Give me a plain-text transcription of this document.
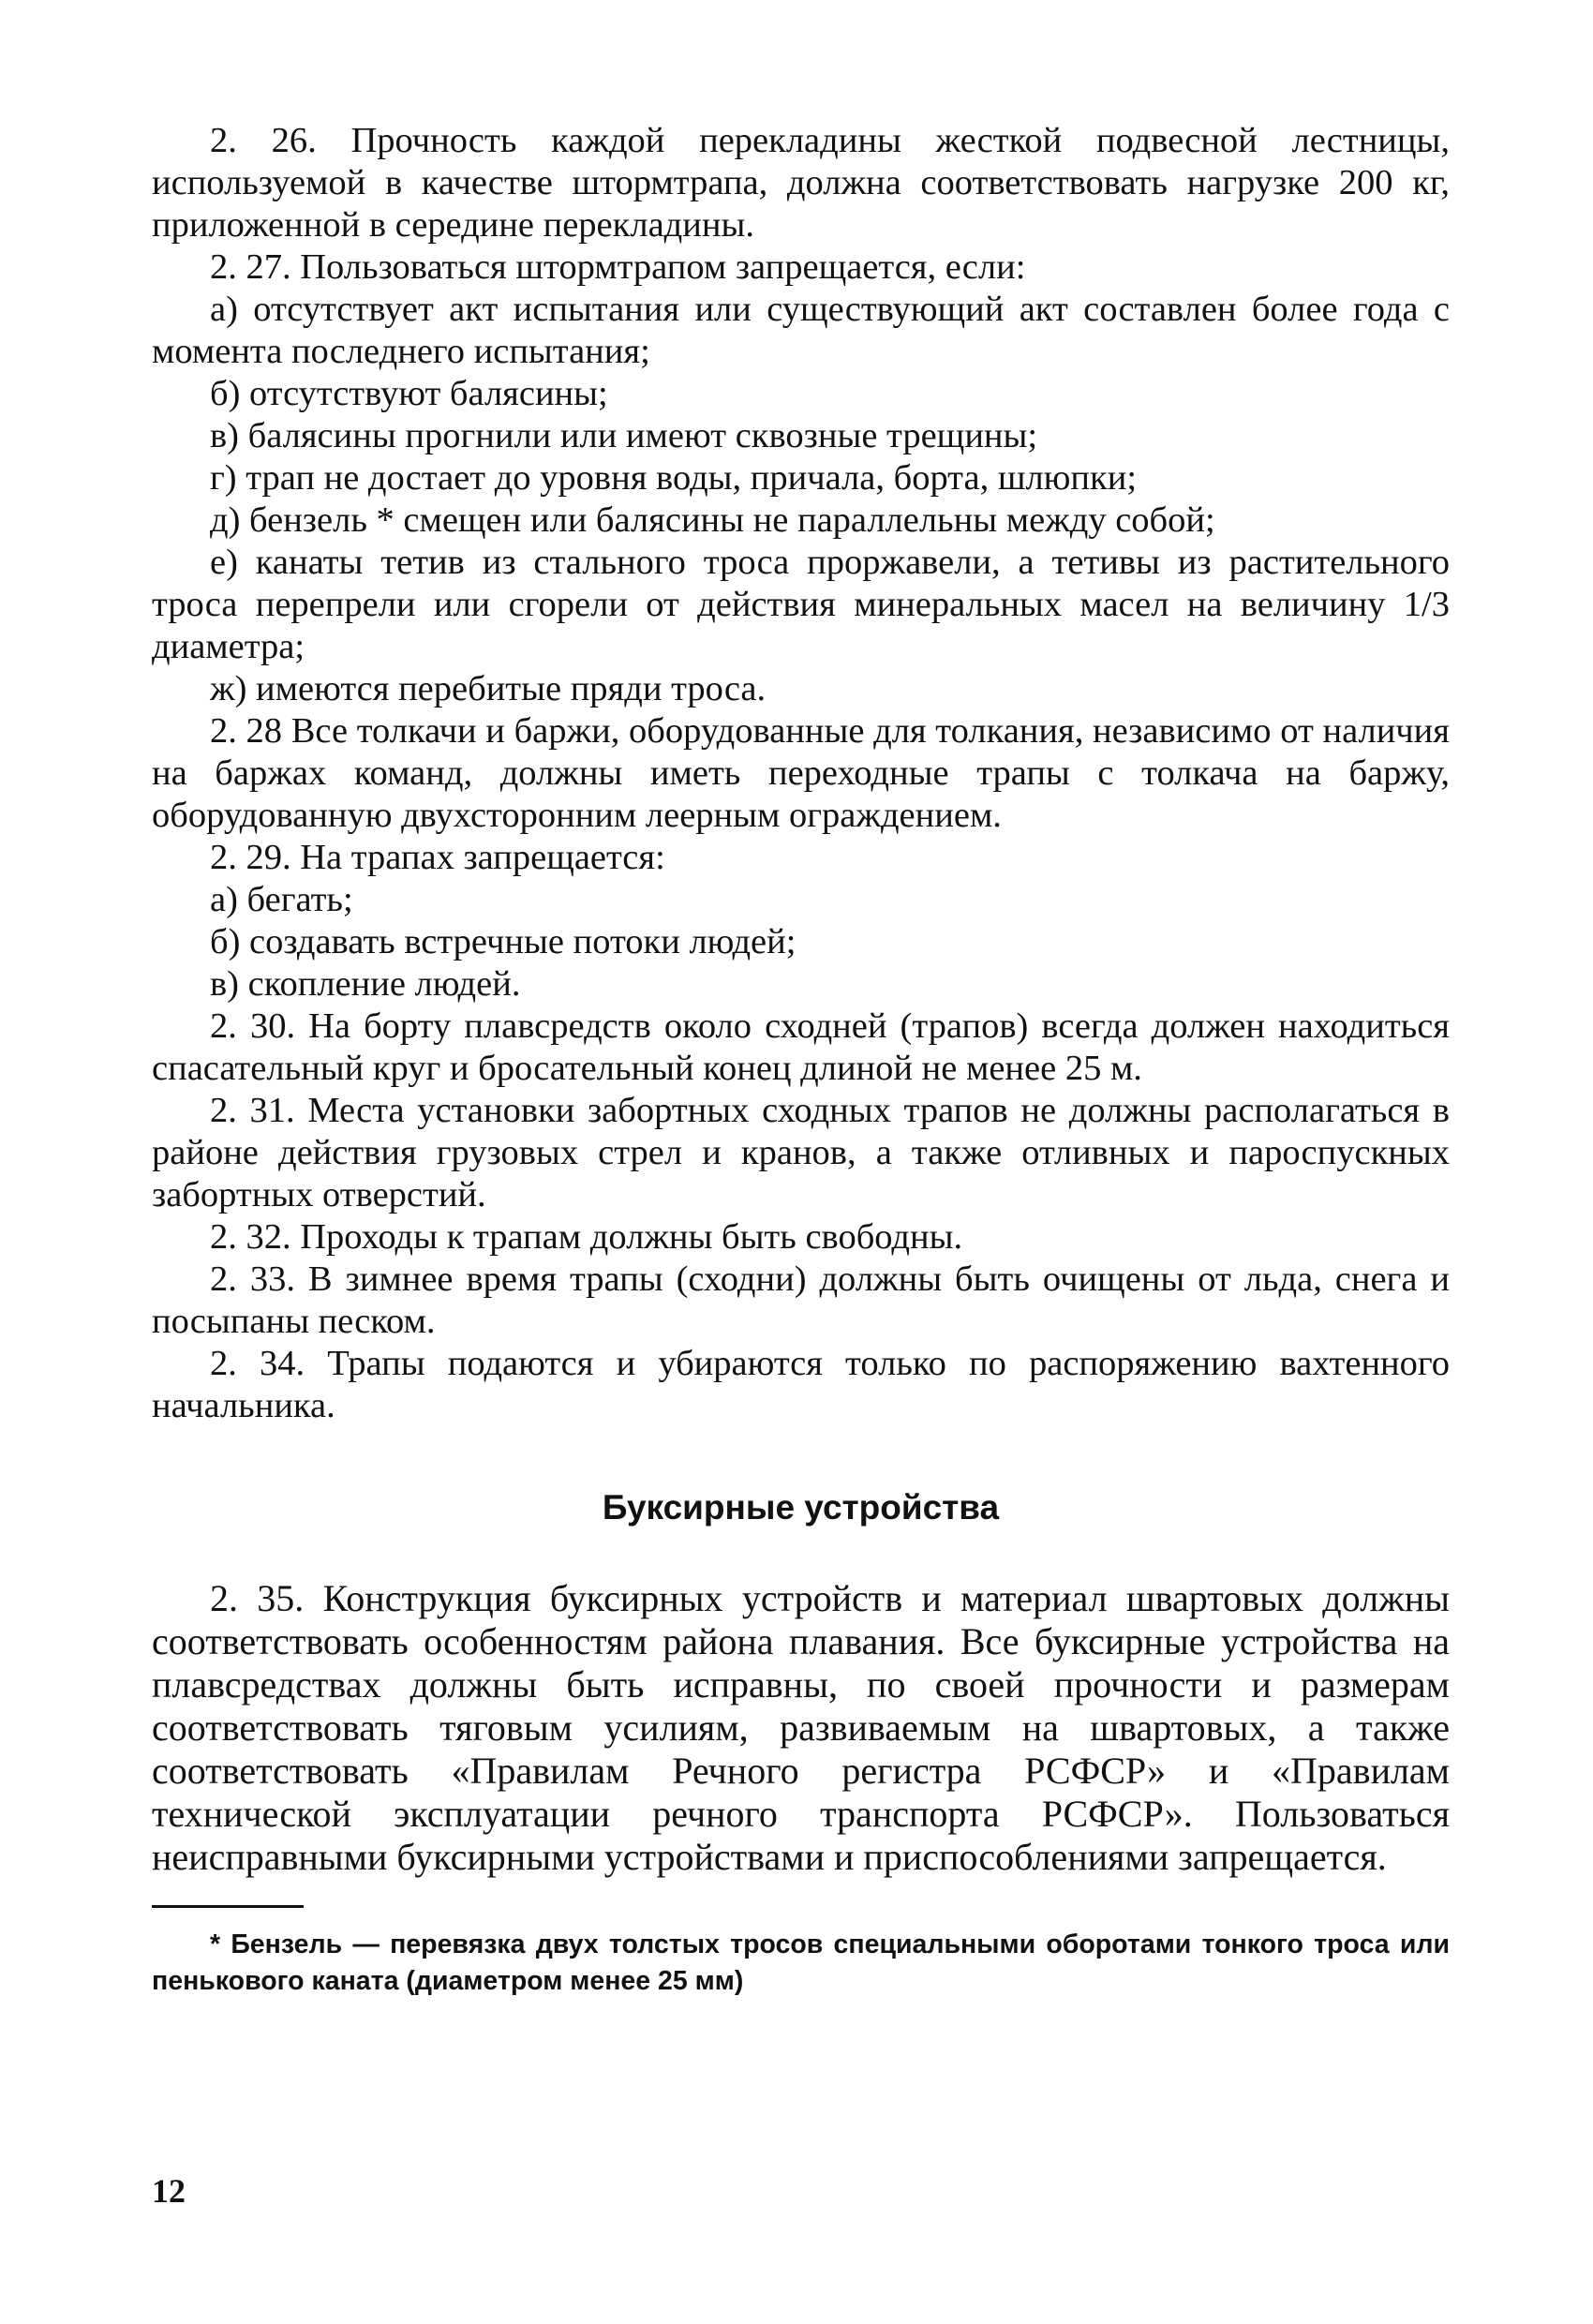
2. 26. Прочность каждой перекладины жесткой подвесной лестницы, используемой в качестве штормтрапа, должна соответствовать нагрузке 200 кг, приложенной в середине перекладины.

2. 27. Пользоваться штормтрапом запрещается, если:

а) отсутствует акт испытания или существующий акт составлен более года с момента последнего испытания;

б) отсутствуют балясины;

в) балясины прогнили или имеют сквозные трещины;

г) трап не достает до уровня воды, причала, борта, шлюпки;

д) бензель * смещен или балясины не параллельны между собой;

е) канаты тетив из стального троса проржавели, а тетивы из растительного троса перепрели или сгорели от действия минеральных масел на величину 1/3 диаметра;

ж) имеются перебитые пряди троса.

2. 28 Все толкачи и баржи, оборудованные для толкания, независимо от наличия на баржах команд, должны иметь переходные трапы с толкача на баржу, оборудованную двухсторонним леерным ограждением.

2. 29. На трапах запрещается:

а) бегать;

б) создавать встречные потоки людей;

в) скопление людей.

2. 30. На борту плавсредств около сходней (трапов) всегда должен находиться спасательный круг и бросательный конец длиной не менее 25 м.

2. 31. Места установки забортных сходных трапов не должны располагаться в районе действия грузовых стрел и кранов, а также отливных и пароспускных забортных отверстий.

2. 32. Проходы к трапам должны быть свободны.

2. 33. В зимнее время трапы (сходни) должны быть очищены от льда, снега и посыпаны песком.

2. 34. Трапы подаются и убираются только по распоряжению вахтенного начальника.

Буксирные устройства

2. 35. Конструкция буксирных устройств и материал швартовых должны соответствовать особенностям района плавания. Все буксирные устройства на плавсредствах должны быть исправны, по своей прочности и размерам соответствовать тяговым усилиям, развиваемым на швартовых, а также соответствовать «Правилам Речного регистра РСФСР» и «Правилам технической эксплуатации речного транспорта РСФСР». Пользоваться неисправными буксирными устройствами и приспособлениями запрещается.

* Бензель — перевязка двух толстых тросов специальными оборотами тонкого троса или пенькового каната (диаметром менее 25 мм)

12
